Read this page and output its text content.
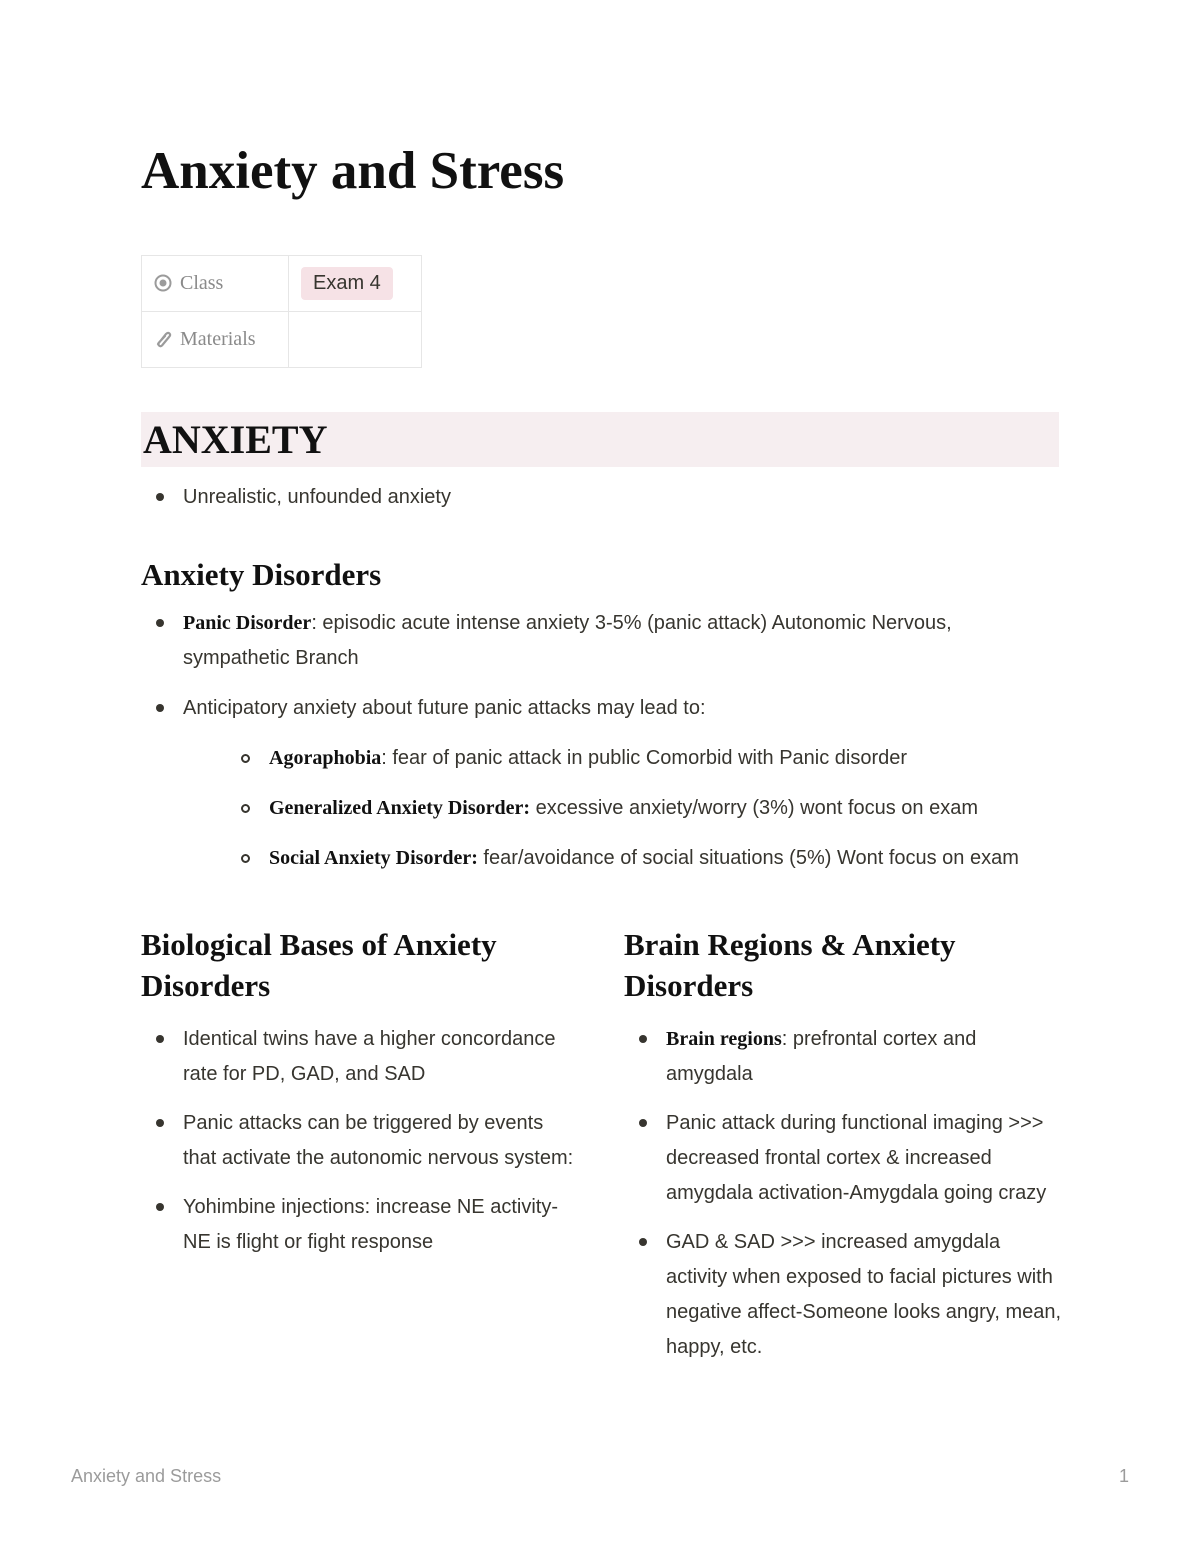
Anxiety and Stress
Class	Exam 4
Materials	
ANXIETY
Unrealistic, unfounded anxiety
Anxiety Disorders
Panic Disorder: episodic acute intense anxiety 3-5% (panic attack) Autonomic Nervous, sympathetic Branch
Anticipatory anxiety about future panic attacks may lead to:
Agoraphobia: fear of panic attack in public Comorbid with Panic disorder
Generalized Anxiety Disorder: excessive anxiety/worry (3%) wont focus on exam
Social Anxiety Disorder: fear/avoidance of social situations (5%) Wont focus on exam
Biological Bases of Anxiety Disorders
Identical twins have a higher concordance rate for PD, GAD, and SAD
Panic attacks can be triggered by events that activate the autonomic nervous system:
Yohimbine injections: increase NE activity-NE is flight or fight response
Brain Regions & Anxiety Disorders
Brain regions: prefrontal cortex and amygdala
Panic attack during functional imaging >>> decreased frontal cortex & increased amygdala activation-Amygdala going crazy
GAD & SAD >>> increased amygdala activity when exposed to facial pictures with negative affect-Someone looks angry, mean, happy, etc.
Anxiety and Stress	1
